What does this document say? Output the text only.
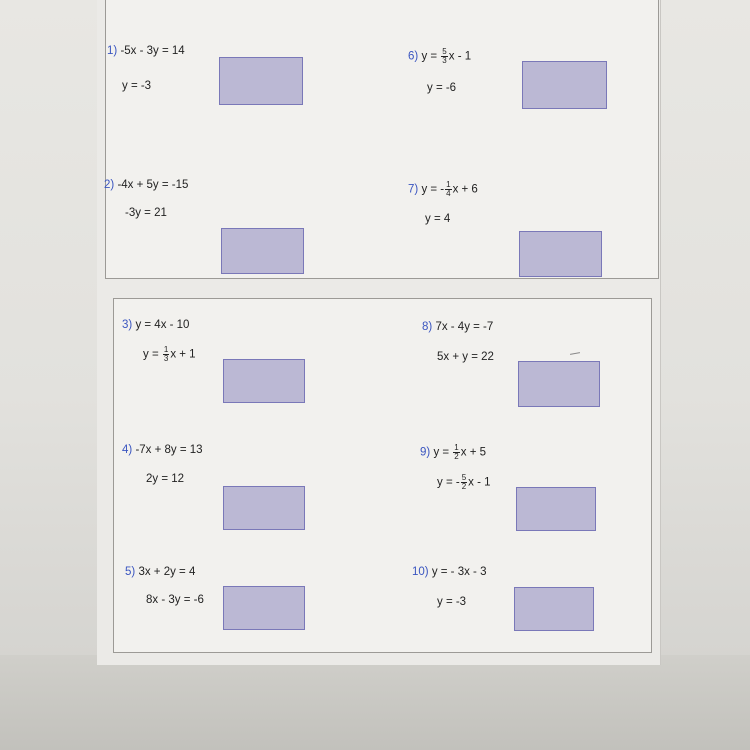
1) -5x - 3y = 14
y = -3
2) -4x + 5y = -15
-3y = 21
3) y = 4x - 10
$y = \frac{1}{3}$ x + 1
4) -7x + 8y = 13
2y = 12
5) 3x + 2y = 4
8x - 3y = -6
6) $y = \frac{5}{3}$ x - 1
y = -6
7) y = - $\frac{1}{4}$ x + 6
y = 4
8) 7x - 4y = -7
5x + y = 22
9) $y = \frac{1}{2}$ x + 5
y = - $\frac{5}{2}$ x - 1
10) y = - 3x - 3
y = -3
